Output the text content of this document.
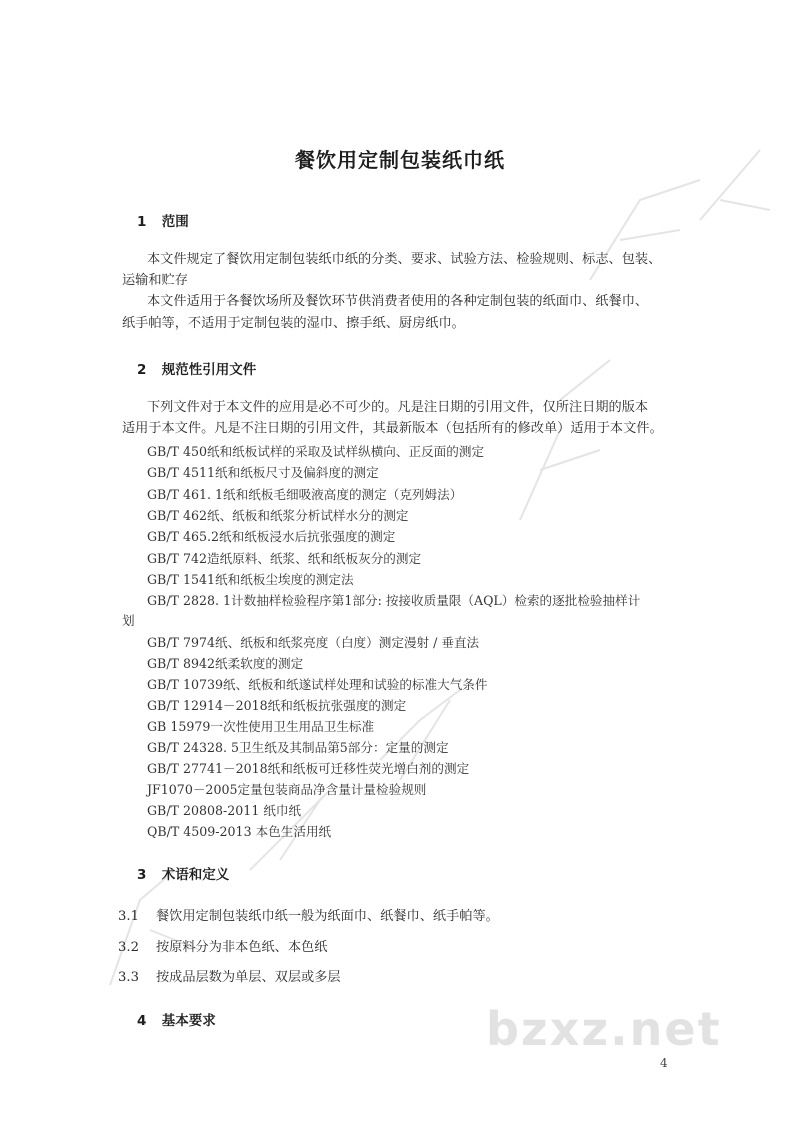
餐饮用定制包装纸巾纸
1 范围
本文件规定了餐饮用定制包装纸巾纸的分类、要求、试验方法、检验规则、标志、包装、
运输和贮存
本文件适用于各餐饮场所及餐饮环节供消费者使用的各种定制包装的纸面巾、纸餐巾、
纸手帕等，不适用于定制包装的湿巾、擦手纸、厨房纸巾。
2 规范性引用文件
下列文件对于本文件的应用是必不可少的。凡是注日期的引用文件，仅所注日期的版本
适用于本文件。凡是不注日期的引用文件，其最新版本（包括所有的修改单）适用于本文件。
GB/T 450纸和纸板试样的采取及试样纵横向、正反面的测定
GB/T 4511纸和纸板尺寸及偏斜度的测定
GB/T 461. 1纸和纸板毛细吸液高度的测定（克列姆法）
GB/T 462纸、纸板和纸浆分析试样水分的测定
GB/T 465.2纸和纸板浸水后抗张强度的测定
GB/T 742造纸原料、纸浆、纸和纸板灰分的测定
GB/T 1541纸和纸板尘埃度的测定法
GB/T 2828. 1计数抽样检验程序第1部分: 按接收质量限（AQL）检索的逐批检验抽样计
划
GB/T 7974纸、纸板和纸浆亮度（白度）测定漫射 / 垂直法
GB/T 8942纸柔软度的测定
GB/T 10739纸、纸板和纸遂试样处理和试验的标准大气条件
GB/T 12914－2018纸和纸板抗张强度的测定
GB 15979一次性使用卫生用品卫生标准
GB/T 24328. 5卫生纸及其制品第5部分：定量的测定
GB/T 27741－2018纸和纸板可迁移性荧光增白剂的测定
JF1070－2005定量包装商品净含量计量检验规则
GB/T 20808-2011 纸巾纸
QB/T 4509-2013 本色生活用纸
3 术语和定义
3.1 餐饮用定制包装纸巾纸一般为纸面巾、纸餐巾、纸手帕等。
3.2 按原料分为非本色纸、本色纸
3.3 按成品层数为单层、双层或多层
4 基本要求	bzxz.net
4
